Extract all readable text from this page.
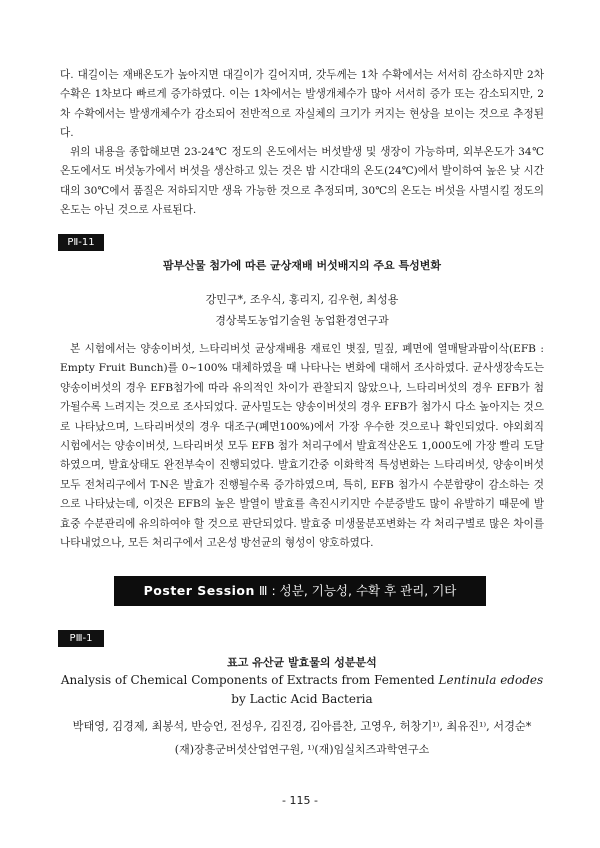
다. 대길이는 재배온도가 높아지면 대길이가 길어지며, 갓두께는 1차 수확에서는 서서히 감소하지만 2차 수확은 1차보다 빠르게 증가하였다. 이는 1차에서는 발생개체수가 많아 서서히 증가 또는 감소되지만, 2차 수확에서는 발생개체수가 감소되어 전반적으로 자실체의 크기가 커지는 현상을 보이는 것으로 추정된다.

위의 내용을 종합해보면 23-24℃ 정도의 온도에서는 버섯발생 및 생장이 가능하며, 외부온도가 34℃온도에서도 버섯농가에서 버섯을 생산하고 있는 것은 밤 시간대의 온도(24℃)에서 발이하여 높은 낮 시간대의 30℃에서 품질은 저하되지만 생육 가능한 것으로 추정되며, 30℃의 온도는 버섯을 사멸시킬 정도의 온도는 아닌 것으로 사료된다.

PⅡ-11

팜부산물 첨가에 따른 균상재배 버섯배지의 주요 특성변화

강민구*, 조우식, 홍리지, 김우현, 최성용

경상북도농업기술원 농업환경연구과

본 시험에서는 양송이버섯, 느타리버섯 균상재배용 재료인 볏짚, 밀짚, 폐면에 열매탈과팜이삭(EFB : Empty Fruit Bunch)를 0~100% 대체하였을 때 나타나는 변화에 대해서 조사하였다. 균사생장속도는 양송이버섯의 경우 EFB첨가에 따라 유의적인 차이가 관찰되지 않았으나, 느타리버섯의 경우 EFB가 첨가될수록 느려지는 것으로 조사되었다. 균사밀도는 양송이버섯의 경우 EFB가 첨가시 다소 높아지는 것으로 나타났으며, 느타리버섯의 경우 대조구(폐면100%)에서 가장 우수한 것으로나 확인되었다. 야외회직시험에서는 양송이버섯, 느타리버섯 모두 EFB 첨가 처리구에서 발효적산온도 1,000도에 가장 빨리 도달하였으며, 발효상태도 완전부숙이 진행되었다. 발효기간중 이화학적 특성변화는 느타리버섯, 양송이버섯 모두 전처리구에서 T-N은 발효가 진행될수록 증가하였으며, 특히, EFB 첨가시 수분함량이 감소하는 것으로 나타났는데, 이것은 EFB의 높은 발열이 발효를 촉진시키지만 수분증발도 많이 유발하기 때문에 발효중 수분관리에 유의하여야 할 것으로 판단되었다. 발효중 미생물분포변화는 각 처리구별로 많은 차이를 나타내었으나, 모든 처리구에서 고온성 방선균의 형성이 양호하였다.

Poster Session Ⅲ : 성분, 기능성, 수확 후 관리, 기타
PⅢ-1

표고 유산균 발효물의 성분분석

Analysis of Chemical Components of Extracts from Femented Lentinula edodes by Lactic Acid Bacteria

박태영, 김경제, 최봉석, 반승언, 전성우, 김진경, 김아름찬, 고영우, 허창기¹⁾, 최유진¹⁾, 서경순*

(재)장흥군버섯산업연구원, ¹⁾(재)임실치즈과학연구소

- 115 -
